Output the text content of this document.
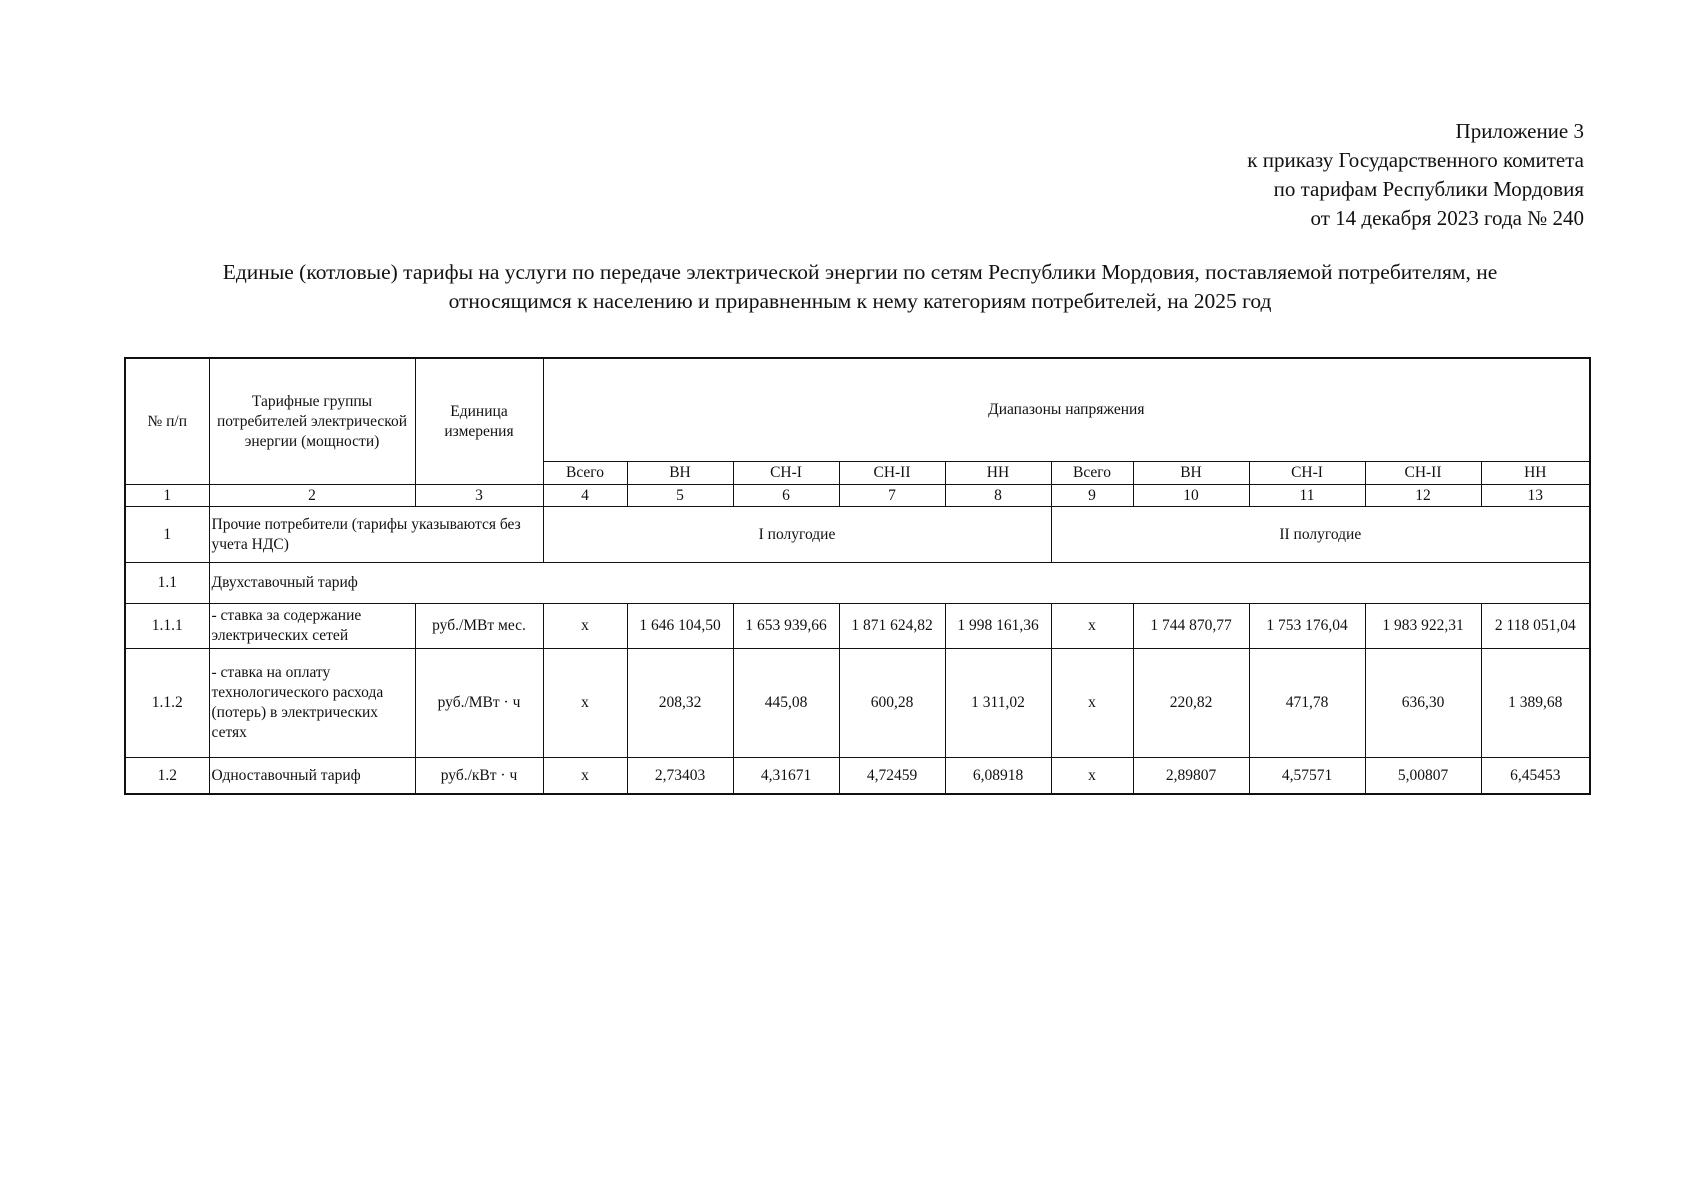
Приложение 3
к приказу Государственного комитета
по тарифам Республики Мордовия
от 14 декабря 2023 года № 240
Единые (котловые) тарифы на услуги по передаче электрической энергии по сетям Республики Мордовия, поставляемой потребителям, не
относящимся к населению и приравненным к нему категориям потребителей, на 2025 год
№ п/п	Тарифные группы потребителей электрической энергии (мощности)	Единица измерения	Диапазоны напряжения									
			Всего	ВН	СН-I	СН-II	НН	Всего	ВН	СН-I	СН-II	НН
1	2	3	4	5	6	7	8	9	10	11	12	13
1	Прочие потребители (тарифы указываются без учета НДС)		I полугодие					II полугодие				
1.1	Двухставочный тариф											
1.1.1	- ставка за содержание электрических сетей	руб./МВт мес.	x	1 646 104,50	1 653 939,66	1 871 624,82	1 998 161,36	x	1 744 870,77	1 753 176,04	1 983 922,31	2 118 051,04
1.1.2	- ставка на оплату технологического расхода (потерь) в электрических сетях	руб./МВт · ч	x	208,32	445,08	600,28	1 311,02	x	220,82	471,78	636,30	1 389,68
1.2	Одноставочный тариф	руб./кВт · ч	x	2,73403	4,31671	4,72459	6,08918	x	2,89807	4,57571	5,00807	6,45453
